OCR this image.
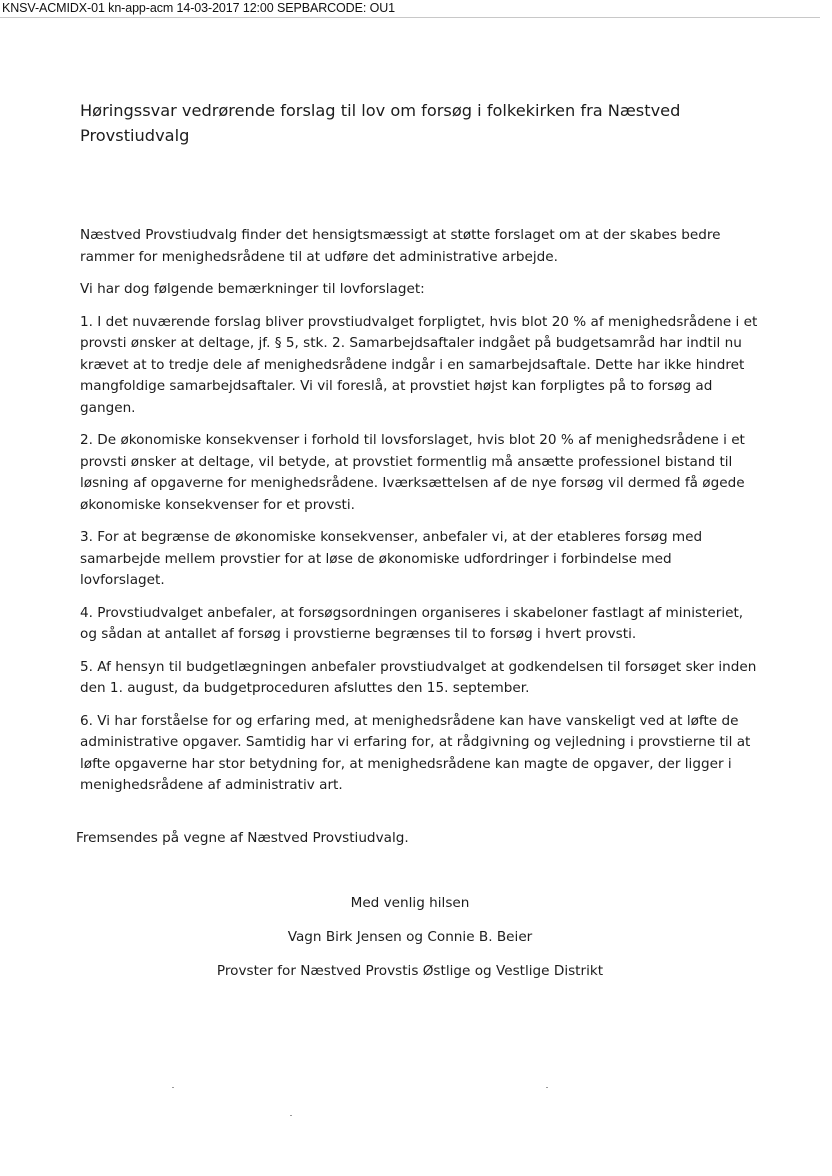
KNSV-ACMIDX-01 kn-app-acm 14-03-2017 12:00 SEPBARCODE: OU1
Høringssvar vedrørende forslag til lov om forsøg i folkekirken fra Næstved Provstiudvalg

Næstved Provstiudvalg finder det hensigtsmæssigt at støtte forslaget om at der skabes bedre rammer for menighedsrådene til at udføre det administrative arbejde.

Vi har dog følgende bemærkninger til lovforslaget:

1. I det nuværende forslag bliver provstiudvalget forpligtet, hvis blot 20 % af menighedsrådene i et provsti ønsker at deltage, jf. § 5, stk. 2. Samarbejdsaftaler indgået på budgetsamråd har indtil nu krævet at to tredje dele af menighedsrådene indgår i en samarbejdsaftale. Dette har ikke hindret mangfoldige samarbejdsaftaler. Vi vil foreslå, at provstiet højst kan forpligtes på to forsøg ad gangen.

2. De økonomiske konsekvenser i forhold til lovsforslaget, hvis blot 20 % af menighedsrådene i et provsti ønsker at deltage, vil betyde, at provstiet formentlig må ansætte professionel bistand til løsning af opgaverne for menighedsrådene. Iværksættelsen af de nye forsøg vil dermed få øgede økonomiske konsekvenser for et provsti.

3. For at begrænse de økonomiske konsekvenser, anbefaler vi, at der etableres forsøg med samarbejde mellem provstier for at løse de økonomiske udfordringer i forbindelse med lovforslaget.

4. Provstiudvalget anbefaler, at forsøgsordningen organiseres i skabeloner fastlagt af ministeriet, og sådan at antallet af forsøg i provstierne begrænses til to forsøg i hvert provsti.

5. Af hensyn til budgetlægningen anbefaler provstiudvalget at godkendelsen til forsøget sker inden den 1. august, da budgetproceduren afsluttes den 15. september.

6. Vi har forståelse for og erfaring med, at menighedsrådene kan have vanskeligt ved at løfte de administrative opgaver. Samtidig har vi erfaring for, at rådgivning og vejledning i provstierne til at løfte opgaverne har stor betydning for, at menighedsrådene kan magte de opgaver, der ligger i menighedsrådene af administrativ art.

Fremsendes på vegne af Næstved Provstiudvalg.
Med venlig hilsen
Vagn Birk Jensen og Connie B. Beier
Provster for Næstved Provstis Østlige og Vestlige Distrikt
